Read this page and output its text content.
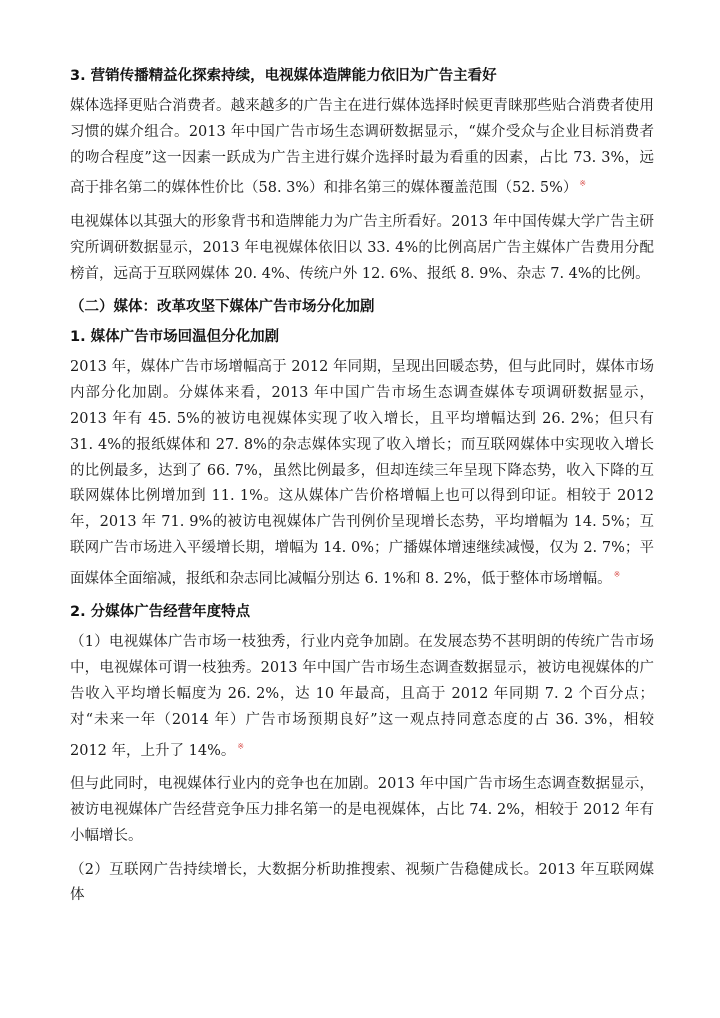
3. 营销传播精益化探索持续，电视媒体造牌能力依旧为广告主看好

媒体选择更贴合消费者。越来越多的广告主在进行媒体选择时候更青睐那些贴合消费者使用习惯的媒介组合。2013 年中国广告市场生态调研数据显示，“媒介受众与企业目标消费者的吻合程度”这一因素一跃成为广告主进行媒介选择时最为看重的因素，占比 73. 3%，远高于排名第二的媒体性价比（58. 3%）和排名第三的媒体覆盖范围（52. 5%） ※

电视媒体以其强大的形象背书和造牌能力为广告主所看好。2013 年中国传媒大学广告主研究所调研数据显示，2013 年电视媒体依旧以 33. 4%的比例高居广告主媒体广告费用分配榜首，远高于互联网媒体 20. 4%、传统户外 12. 6%、报纸 8. 9%、杂志 7. 4%的比例。

（二）媒体：改革攻坚下媒体广告市场分化加剧
1. 媒体广告市场回温但分化加剧

2013 年，媒体广告市场增幅高于 2012 年同期，呈现出回暖态势，但与此同时，媒体市场内部分化加剧。分媒体来看，2013 年中国广告市场生态调查媒体专项调研数据显示，2013 年有 45. 5%的被访电视媒体实现了收入增长，且平均增幅达到 26. 2%；但只有 31. 4%的报纸媒体和 27. 8%的杂志媒体实现了收入增长；而互联网媒体中实现收入增长的比例最多，达到了 66. 7%，虽然比例最多，但却连续三年呈现下降态势，收入下降的互联网媒体比例增加到 11. 1%。这从媒体广告价格增幅上也可以得到印证。相较于 2012 年，2013 年 71. 9%的被访电视媒体广告刊例价呈现增长态势，平均增幅为 14. 5%；互联网广告市场进入平缓增长期，增幅为 14. 0%；广播媒体增速继续减慢，仅为 2. 7%；平面媒体全面缩减，报纸和杂志同比减幅分别达 6. 1%和 8. 2%，低于整体市场增幅。 ※

2. 分媒体广告经营年度特点

（1）电视媒体广告市场一枝独秀，行业内竞争加剧。在发展态势不甚明朗的传统广告市场中，电视媒体可谓一枝独秀。2013 年中国广告市场生态调查数据显示，被访电视媒体的广告收入平均增长幅度为 26. 2%，达 10 年最高，且高于 2012 年同期 7. 2 个百分点；对“未来一年（2014 年）广告市场预期良好”这一观点持同意态度的占 36. 3%，相较 2012 年，上升了 14%。 ※

但与此同时，电视媒体行业内的竞争也在加剧。2013 年中国广告市场生态调查数据显示，被访电视媒体广告经营竞争压力排名第一的是电视媒体，占比 74. 2%，相较于 2012 年有小幅增长。

（2）互联网广告持续增长，大数据分析助推搜索、视频广告稳健成长。2013 年互联网媒体
